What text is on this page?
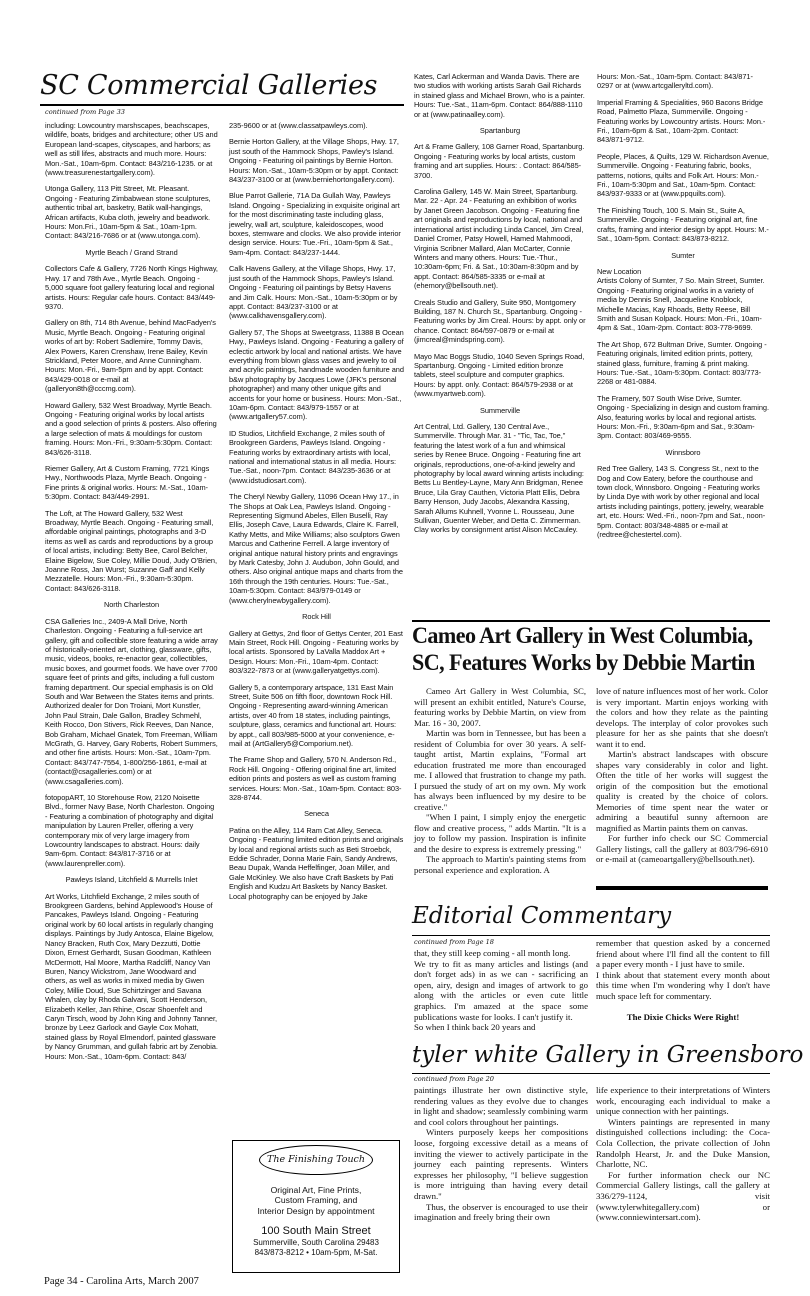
SC Commercial Galleries
continued from Page 33

including: Lowcountry marshscapes, beachscapes, wildlife, boats, bridges and architecture; other US and European land-scapes, cityscapes, and harbors; as well as still lifes, abstracts and much more. Hours: Mon.-Sat., 10am-6pm. Contact: 843/216-1235. or at (www.treasurenestartgallery.com).

Utonga Gallery, 113 Pitt Street, Mt. Pleasant. Ongoing - Featuring Zimbabwean stone sculptures, authentic tribal art, basketry, Batik wall-hangings, African artifacts, Kuba cloth, jewelry and beadwork. Hours: Mon.Fri., 10am-5pm & Sat., 10am-1pm. Contact: 843/216-7686 or at (www.utonga.com).

Myrtle Beach / Grand Strand

Collectors Cafe & Gallery, 7726 North Kings Highway, Hwy. 17 and 78th Ave., Myrtle Beach. Ongoing - 5,000 square foot gallery featuring local and regional artists. Hours: Regular cafe hours. Contact: 843/449-9370.

Gallery on 8th, 714 8th Avenue, behind MacFadyen's Music, Myrtle Beach. Ongoing - Featuring original works of art by: Robert Sadlemire, Tommy Davis, Alex Powers, Karen Crenshaw, Irene Bailey, Kevin Strickland, Peter Moore, and Anne Cunningham. Hours: Mon.-Fri., 9am-5pm and by appt. Contact: 843/429-0018 or e-mail at (galleryon8th@cccmg.com).

Howard Gallery, 532 West Broadway, Myrtle Beach. Ongoing - Featuring original works by local artists and a good selection of prints & posters. Also offering a large selection of mats & mouldings for custom framing. Hours: Mon.-Fri., 9:30am-5:30pm. Contact: 843/626-3118.

Riemer Gallery, Art & Custom Framing, 7721 Kings Hwy., Northwoods Plaza, Myrtle Beach. Ongoing - Fine prints & original works. Hours: M.-Sat., 10am-5:30pm. Contact: 843/449-2991.

The Loft, at The Howard Gallery, 532 West Broadway, Myrtle Beach. Ongoing - Featuring small, affordable original paintings, photographs and 3-D items as well as cards and reproductions by a group of local artists, including: Betty Bee, Carol Belcher, Elaine Bigelow, Sue Coley, Millie Doud, Judy O'Brien, Joanne Ross, Jan Wurst; Suzanne Gaff and Kelly Mezzatelle. Hours: Mon.-Fri., 9:30am-5:30pm. Contact: 843/626-3118.

North Charleston

CSA Galleries Inc., 2409-A Mall Drive, North Charleston. Ongoing - Featuring a full-service art gallery, gift and collectible store featuring a wide array of historically-oriented art, clothing, glassware, gifts, music, videos, books, re-enactor gear, collectibles, music boxes, and gourmet foods. We have over 7700 square feet of prints and gifts, including a full custom framing department. Our special emphasis is on Old South and War Between the States items and prints. Authorized dealer for Don Troiani, Mort Kunstler, John Paul Strain, Dale Gallon, Bradley Schmehl, Keith Rocco, Don Stivers, Rick Reeves, Dan Nance, Bob Graham, Michael Gnatek, Tom Freeman, William McGrath, G. Harvey, Gary Roberts, Robert Summers, and other fine artists. Hours: Mon.-Sat., 10am-7pm. Contact: 843/747-7554, 1-800/256-1861, e-mail at (contact@csagalleries.com) or at (www.csagalleries.com).

fotopopART, 10 Storehouse Row, 2120 Noisette Blvd., former Navy Base, North Charleston. Ongoing - Featuring a combination of photography and digital manipulation by Lauren Preller, offering a very contemporary mix of very large imagery from Lowcountry landscapes to abstract. Hours: daily 9am-6pm. Contact: 843/817-3716 or at (www.laurenpreller.com).

Pawleys Island, Litchfield & Murrells Inlet

Art Works, Litchfield Exchange, 2 miles south of Brookgreen Gardens, behind Applewood's House of Pancakes, Pawleys Island. Ongoing - Featuring original work by 60 local artists in regularly changing displays. Paintings by Judy Antosca, Elaine Bigelow, Nancy Bracken, Ruth Cox, Mary Dezzutti, Dottie Dixon, Ernest Gerhardt, Susan Goodman, Kathleen McDermott, Hal Moore, Martha Radcliff, Nancy Van Buren, Nancy Wickstrom, Jane Woodward and others, as well as works in mixed media by Gwen Coley, Millie Doud, Sue Schirtzinger and Savana Whalen, clay by Rhoda Galvani, Scott Henderson, Elizabeth Keller, Jan Rhine, Oscar Shoenfelt and Caryn Tirsch, wood by John King and Johnny Tanner, bronze by Leez Garlock and Gayle Cox Mohatt, stained glass by Royal Elmendorf, painted glassware by Nancy Grumman, and gullah fabric art by Zenobia. Hours: Mon.-Sat., 10am-6pm. Contact: 843/

235-9600 or at (www.classatpawleys.com).

Bernie Horton Gallery, at the Village Shops, Hwy. 17, just south of the Hammock Shops, Pawley's Island. Ongoing - Featuring oil paintings by Bernie Horton. Hours: Mon.-Sat., 10am-5:30pm or by appt. Contact: 843/237-3100 or at (www.berniehortongallery.com).

Blue Parrot Gallerie, 71A Da Gullah Way, Pawleys Island. Ongoing - Specializing in exquisite original art for the most discriminating taste including glass, jewelry, wall art, sculpture, kaleidoscopes, wood boxes, stemware and clocks. We also provide interior design service. Hours: Tue.-Fri., 10am-5pm & Sat., 9am-4pm. Contact: 843/237-1444.

Calk Havens Gallery, at the Village Shops, Hwy. 17, just south of the Hammock Shops, Pawley's Island. Ongoing - Featuring oil paintings by Betsy Havens and Jim Calk. Hours: Mon.-Sat., 10am-5:30pm or by appt. Contact: 843/237-3100 or at (www.calkhavensgallery.com).

Gallery 57, The Shops at Sweetgrass, 11388 B Ocean Hwy., Pawleys Island. Ongoing - Featuring a gallery of eclectic artwork by local and national artists. We have everything from blown glass vases and jewelry to oil and acrylic paintings, handmade wooden furniture and b&w photography by Jacques Lowe (JFK's personal photographer) and many other unique gifts and accents for your home or business. Hours: Mon.-Sat., 10am-6pm. Contact: 843/979-1557 or at (www.artgallery57.com).

ID Studios, Litchfield Exchange, 2 miles south of Brookgreen Gardens, Pawleys Island. Ongoing - Featuring works by extraordinary artists with local, national and international status in all media. Hours: Tue.-Sat., noon-7pm. Contact: 843/235-3636 or at (www.idstudiosart.com).

The Cheryl Newby Gallery, 11096 Ocean Hwy 17., in The Shops at Oak Lea, Pawleys Island. Ongoing - Representing Sigmund Abeles, Ellen Buselli, Ray Ellis, Joseph Cave, Laura Edwards, Claire K. Farrell, Kathy Metts, and Mike Williams; also sculptors Gwen Marcus and Catherine Ferrell. A large inventory of original antique natural history prints and engravings by Mark Catesby, John J. Audubon, John Gould, and others. Also original antique maps and charts from the 16th through the 19th centuries. Hours: Tue.-Sat., 10am-5:30pm. Contact: 843/979-0149 or (www.cherylnewbygallery.com).

Rock Hill

Gallery at Gettys, 2nd floor of Gettys Center, 201 East Main Street, Rock Hill. Ongoing - Featuring works by local artists. Sponsored by LaValla Maddox Art + Design. Hours: Mon.-Fri., 10am-4pm. Contact: 803/322-7873 or at (www.galleryatgettys.com).

Gallery 5, a contemporary artspace, 131 East Main Street, Suite 506 on fifth floor, downtown Rock Hill. Ongoing - Representing award-winning American artists, over 40 from 18 states, including paintings, sculpture, glass, ceramics and functional art. Hours: by appt., call 803/985-5000 at your convenience, e-mail at (ArtGallery5@Comporium.net).

The Frame Shop and Gallery, 570 N. Anderson Rd., Rock Hill. Ongoing - Offering original fine art, limited edition prints and posters as well as custom framing services. Hours: Mon.-Sat., 10am-5pm. Contact: 803-328-8744.

Seneca

Patina on the Alley, 114 Ram Cat Alley, Seneca. Ongoing - Featuring limited edition prints and originals by local and regional artists such as Beti Stroebck, Eddie Schrader, Donna Marie Fain, Sandy Andrews, Beau Dupak, Wanda Heffelfinger, Joan Miller, and Gale McKinley. We also have Craft Baskets by Pati English and Kudzu Art Baskets by Nancy Basket. Local photography can be enjoyed by Jake

Kates, Carl Ackerman and Wanda Davis. There are two studios with working artists Sarah Gail Richards in stained glass and Michael Brown, who is a painter. Hours: Tue.-Sat., 11am-6pm. Contact: 864/888-1110 or at (www.patinaalley.com).

Spartanburg

Art & Frame Gallery, 108 Garner Road, Spartanburg. Ongoing - Featuring works by local artists, custom framing and art supplies. Hours: . Contact: 864/585-3700.

Carolina Gallery, 145 W. Main Street, Spartanburg. Mar. 22 - Apr. 24 - Featuring an exhibition of works by Janet Green Jacobson. Ongoing - Featuring fine art originals and reproductions by local, national and international artist including Linda Cancel, Jim Creal, Daniel Cromer, Patsy Howell, Hamed Mahmoodi, Virginia Scribner Mallard, Alan McCarter, Connie Winters and many others. Hours: Tue.-Thur., 10:30am-6pm; Fri. & Sat., 10:30am-8:30pm and by appt. Contact: 864/585-3335 or e-mail at (ehemory@bellsouth.net).

Creals Studio and Gallery, Suite 950, Montgomery Building, 187 N. Church St., Spartanburg. Ongoing - Featuring works by Jim Creal. Hours: by appt. only or chance. Contact: 864/597-0879 or e-mail at (jimcreal@mindspring.com).

Mayo Mac Boggs Studio, 1040 Seven Springs Road, Spartanburg. Ongoing - Limited edition bronze tablets, steel sculpture and computer graphics. Hours: by appt. only. Contact: 864/579-2938 or at (www.myartweb.com).

Summerville

Art Central, Ltd. Gallery, 130 Central Ave., Summerville. Through Mar. 31 - "Tic, Tac, Toe," featuring the latest work of a fun and whimsical series by Renee Bruce. Ongoing - Featuring fine art originals, reproductions, one-of-a-kind jewelry and photography by local award winning artists including: Betts Lu Bentley-Layne, Mary Ann Bridgman, Renee Bruce, Lila Gray Cauthen, Victoria Platt Ellis, Debra Barry Henson, Judy Jacobs, Alexandra Kassing, Sarah Allums Kuhnell, Yvonne L. Rousseau, June Sullivan, Guenter Weber, and Detta C. Zimmerman. Clay works by consignment artist Alison McCauley.

Hours: Mon.-Sat., 10am-5pm. Contact: 843/871-0297 or at (www.artcgalleryltd.com).

Imperial Framing & Specialities, 960 Bacons Bridge Road, Palmetto Plaza, Summerville. Ongoing - Featuring works by Lowcountry artists. Hours: Mon.-Fri., 10am-6pm & Sat., 10am-2pm. Contact: 843/871-9712.

People, Places, & Quilts, 129 W. Richardson Avenue, Summerville. Ongoing - Featuring fabric, books, patterns, notions, quilts and Folk Art. Hours: Mon.-Fri., 10am-5:30pm and Sat., 10am-5pm. Contact: 843/937-9333 or at (www.ppquilts.com).

The Finishing Touch, 100 S. Main St., Suite A, Summerville. Ongoing - Featuring original art, fine crafts, framing and interior design by appt. Hours: M.-Sat., 10am-5pm. Contact: 843/873-8212.

Sumter

New Location
Artists Colony of Sumter, 7 So. Main Street, Sumter. Ongoing - Featuring original works in a variety of media by Dennis Snell, Jacqueline Knoblock, Michelle Macias, Kay Rhoads, Betty Reese, Bill Smith and Susan Kolpack. Hours: Mon.-Fri., 10am-4pm & Sat., 10am-2pm. Contact: 803-778-9699.

The Art Shop, 672 Bultman Drive, Sumter. Ongoing - Featuring originals, limited edition prints, pottery, stained glass, furniture, framing & print making. Hours: Tue.-Sat., 10am-5:30pm. Contact: 803/773-2268 or 481-0884.

The Framery, 507 South Wise Drive, Sumter. Ongoing - Specializing in design and custom framing. Also, featuring works by local and regional artists. Hours: Mon.-Fri., 9:30am-6pm and Sat., 9:30am-3pm. Contact: 803/469-9555.

Winnsboro

Red Tree Gallery, 143 S. Congress St., next to the Dog and Cow Eatery, before the courthouse and town clock, Winnsboro. Ongoing - Featuring works by Linda Dye with work by other regional and local artists including paintings, pottery, jewelry, wearable art, etc. Hours: Wed.-Fri., noon-7pm and Sat., noon-5pm. Contact: 803/348-4885 or e-mail at (redtree@chestertel.com).

Cameo Art Gallery in West Columbia,
SC, Features Works by Debbie Martin

Cameo Art Gallery in West Columbia, SC, will present an exhibit entitled, Nature's Course, featuring works by Debbie Martin, on view from Mar. 16 - 30, 2007.

Martin was born in Tennessee, but has been a resident of Columbia for over 30 years. A self-taught artist, Martin explains, "Formal art education frustrated me more than encouraged me. I allowed that frustration to change my path. I pursued the study of art on my own. My work has always been influenced by my desire to be creative."

"When I paint, I simply enjoy the energetic flow and creative process, " adds Martin. "It is a joy to follow my passion. Inspiration is infinite and the desire to express is extremely pressing."

The approach to Martin's painting stems from personal experience and exploration. A

love of nature influences most of her work. Color is very important. Martin enjoys working with the colors and how they relate as the painting develops. The interplay of color provokes such pleasure for her as she paints that she doesn't want it to end.

Martin's abstract landscapes with obscure shapes vary considerably in color and light. Often the title of her works will suggest the origin of the composition but the emotional quality is created by the choice of colors. Memories of time spent near the water or admiring a beautiful sunny afternoon are magnified as Martin paints them on canvas.

For further info check our SC Commercial Gallery listings, call the gallery at 803/796-6910 or e-mail at (cameoartgallery@bellsouth.net).

Editorial Commentary
continued from Page 18
that, they still keep coming - all month long.
We try to fit as many articles and listings (and don't forget ads) in as we can - sacrificing an open, airy, design and images of artwork to go along with the articles or even cute little graphics. I'm amazed at the space some publications waste for looks. I can't justify it.
So when I think back 20 years and
remember that question asked by a concerned friend about where I'll find all the content to fill a paper every month - I just have to smile.
I think about that statement every month about this time when I'm wondering why I don't have much space left for commentary.
The Dixie Chicks Were Right!
tyler white Gallery in Greensboro
continued from Page 20

paintings illustrate her own distinctive style, rendering values as they evolve due to changes in light and shadow; seamlessly combining warm and cool colors throughout her paintings.

Winters purposely keeps her compositions loose, forgoing excessive detail as a means of inviting the viewer to actively participate in the journey each painting represents. Winters expresses her philosophy, "I believe suggestion is more intriguing than having every detail drawn."

Thus, the observer is encouraged to use their imagination and freely bring their own

life experience to their interpretations of Winters work, encouraging each individual to make a unique connection with her paintings.

Winters paintings are represented in many distinguished collections including: the Coca-Cola Collection, the private collection of John Randolph Hearst, Jr. and the Duke Mansion, Charlotte, NC.

For further information check our NC Commercial Gallery listings, call the gallery at 336/279-1124, visit (www.tylerwhitegallery.com) or (www.conniewintersart.com).

The Finishing Touch

Original Art, Fine Prints,

Custom Framing, and

Interior Design by appointment

100 South Main Street

Summerville, South Carolina 29483

843/873-8212 • 10am-5pm, M-Sat.

Page 34 - Carolina Arts, March 2007
